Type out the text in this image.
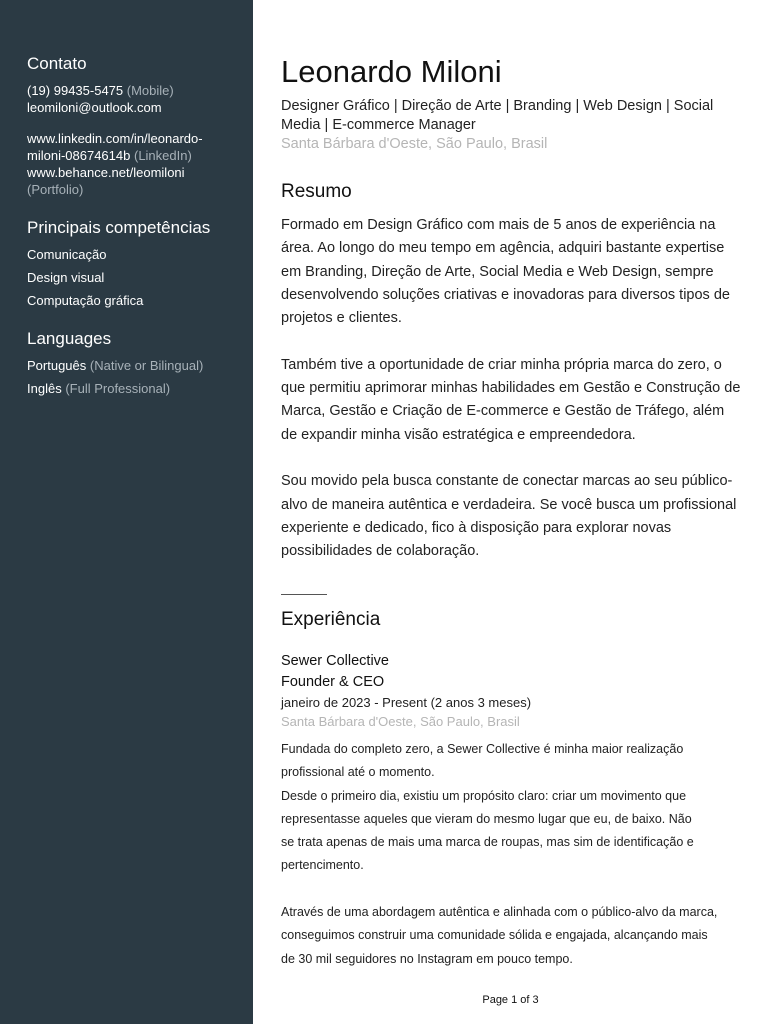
Contato

(19) 99435-5475 (Mobile)

leomiloni@outlook.com

www.linkedin.com/in/leonardo-

miloni-08674614b (LinkedIn)

www.behance.net/leomiloni

(Portfolio)

Principais competências

Comunicação

Design visual

Computação gráfica

Languages

Português (Native or Bilingual)

Inglês (Full Professional)

Leonardo Miloni

Designer Gráfico | Direção de Arte | Branding | Web Design | Social Media | E-commerce Manager

Santa Bárbara d'Oeste, São Paulo, Brasil

Resumo

Formado em Design Gráfico com mais de 5 anos de experiência na área. Ao longo do meu tempo em agência, adquiri bastante expertise em Branding, Direção de Arte, Social Media e Web Design, sempre desenvolvendo soluções criativas e inovadoras para diversos tipos de projetos e clientes.

Também tive a oportunidade de criar minha própria marca do zero, o que permitiu aprimorar minhas habilidades em Gestão e Construção de Marca, Gestão e Criação de E-commerce e Gestão de Tráfego, além de expandir minha visão estratégica e empreendedora.

Sou movido pela busca constante de conectar marcas ao seu público-alvo de maneira autêntica e verdadeira. Se você busca um profissional experiente e dedicado, fico à disposição para explorar novas possibilidades de colaboração.

Experiência

Sewer Collective

Founder & CEO

janeiro de 2023 - Present (2 anos 3 meses)

Santa Bárbara d'Oeste, São Paulo, Brasil

Fundada do completo zero, a Sewer Collective é minha maior realização
profissional até o momento.
Desde o primeiro dia, existiu um propósito claro: criar um movimento que
representasse aqueles que vieram do mesmo lugar que eu, de baixo. Não
se trata apenas de mais uma marca de roupas, mas sim de identificação e
pertencimento.
Através de uma abordagem autêntica e alinhada com o público-alvo da marca,
conseguimos construir uma comunidade sólida e engajada, alcançando mais
de 30 mil seguidores no Instagram em pouco tempo.
Page 1 of 3
